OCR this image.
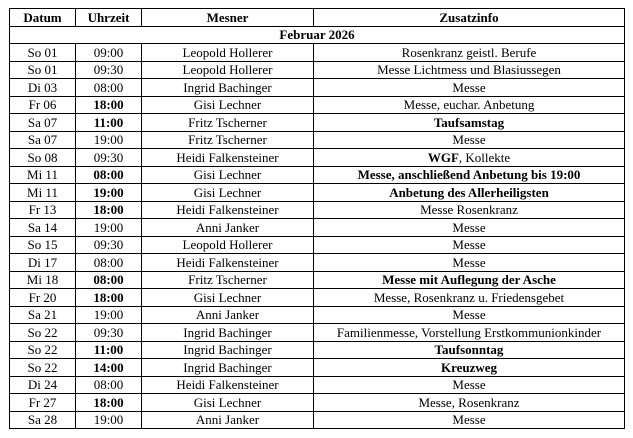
Datum	Uhrzeit	Mesner	Zusatzinfo
Februar 2026			
So 01	09:00	Leopold Hollerer	Rosenkranz geistl. Berufe
So 01	09:30	Leopold Hollerer	Messe Lichtmess und Blasiussegen
Di 03	08:00	Ingrid Bachinger	Messe
Fr 06	18:00	Gisi Lechner	Messe, euchar. Anbetung
Sa 07	11:00	Fritz Tscherner	Taufsamstag
Sa 07	19:00	Fritz Tscherner	Messe
So 08	09:30	Heidi Falkensteiner	WGF, Kollekte
Mi 11	08:00	Gisi Lechner	Messe, anschließend Anbetung bis 19:00
Mi 11	19:00	Gisi Lechner	Anbetung des Allerheiligsten
Fr 13	18:00	Heidi Falkensteiner	Messe Rosenkranz
Sa 14	19:00	Anni Janker	Messe
So 15	09:30	Leopold Hollerer	Messe
Di 17	08:00	Heidi Falkensteiner	Messe
Mi 18	08:00	Fritz Tscherner	Messe mit Auflegung der Asche
Fr 20	18:00	Gisi Lechner	Messe, Rosenkranz u. Friedensgebet
Sa 21	19:00	Anni Janker	Messe
So 22	09:30	Ingrid Bachinger	Familienmesse, Vorstellung Erstkommunionkinder
So 22	11:00	Ingrid Bachinger	Taufsonntag
So 22	14:00	Ingrid Bachinger	Kreuzweg
Di 24	08:00	Heidi Falkensteiner	Messe
Fr 27	18:00	Gisi Lechner	Messe, Rosenkranz
Sa 28	19:00	Anni Janker	Messe
